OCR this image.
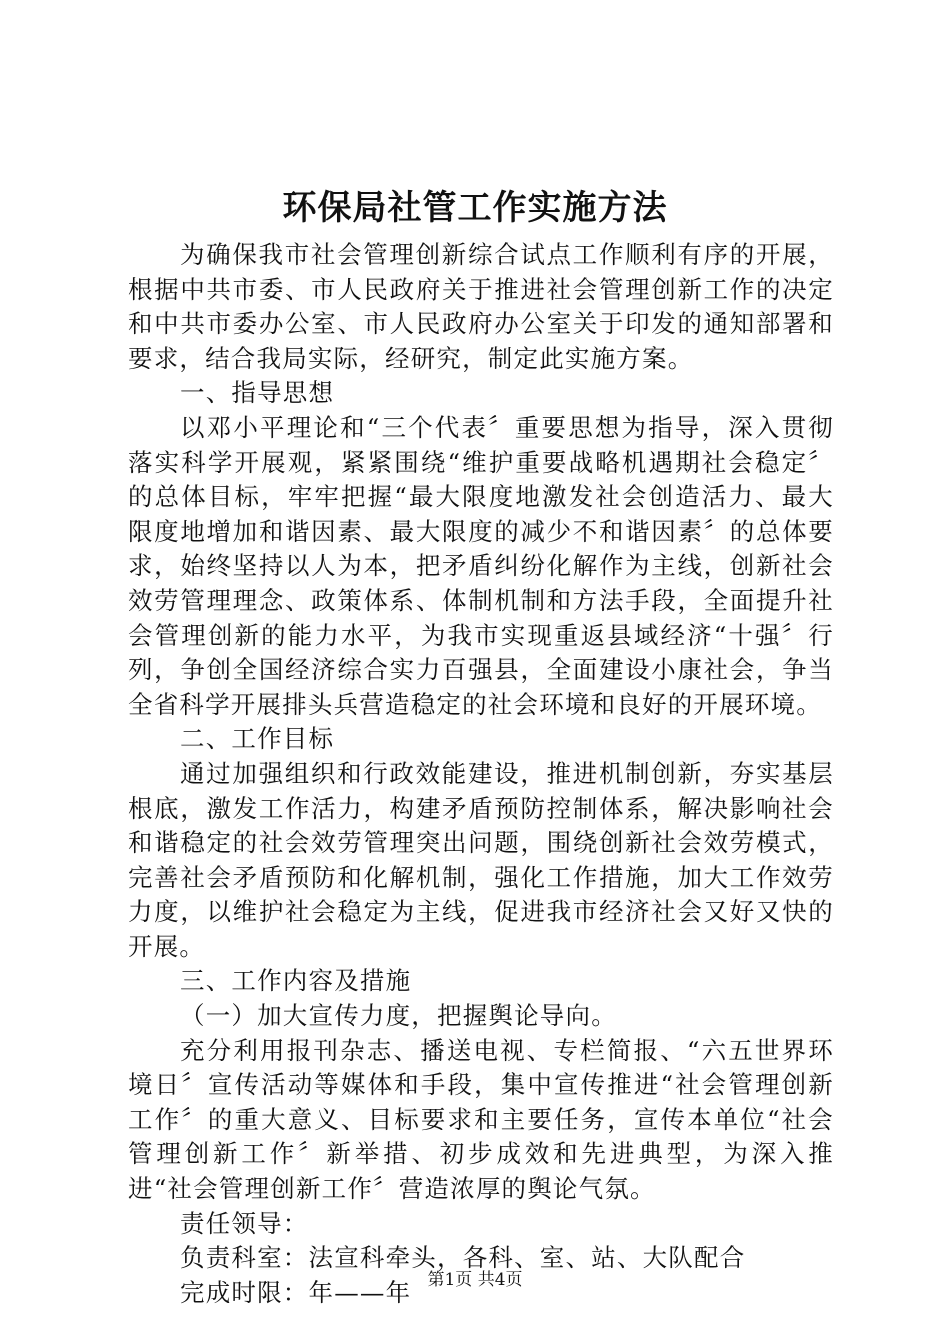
环保局社管工作实施方法

为确保我市社会管理创新综合试点工作顺利有序的开展，根据中共市委、市人民政府关于推进社会管理创新工作的决定和中共市委办公室、市人民政府办公室关于印发的通知部署和要求，结合我局实际，经研究，制定此实施方案。

一、指导思想

以邓小平理论和“三个代表〞重要思想为指导，深入贯彻落实科学开展观，紧紧围绕“维护重要战略机遇期社会稳定〞的总体目标，牢牢把握“最大限度地激发社会创造活力、最大限度地增加和谐因素、最大限度的减少不和谐因素〞的总体要求，始终坚持以人为本，把矛盾纠纷化解作为主线，创新社会效劳管理理念、政策体系、体制机制和方法手段，全面提升社会管理创新的能力水平，为我市实现重返县域经济“十强〞行列，争创全国经济综合实力百强县，全面建设小康社会，争当全省科学开展排头兵营造稳定的社会环境和良好的开展环境。

二、工作目标

通过加强组织和行政效能建设，推进机制创新，夯实基层根底，激发工作活力，构建矛盾预防控制体系，解决影响社会和谐稳定的社会效劳管理突出问题，围绕创新社会效劳模式，完善社会矛盾预防和化解机制，强化工作措施，加大工作效劳力度，以维护社会稳定为主线，促进我市经济社会又好又快的开展。

三、工作内容及措施

（一）加大宣传力度，把握舆论导向。

充分利用报刊杂志、播送电视、专栏简报、“六五世界环境日〞宣传活动等媒体和手段，集中宣传推进“社会管理创新工作〞的重大意义、目标要求和主要任务，宣传本单位“社会管理创新工作〞新举措、初步成效和先进典型，为深入推进“社会管理创新工作〞营造浓厚的舆论气氛。

责任领导：

负责科室：法宣科牵头，各科、室、站、大队配合

完成时限：年——年 第1页 共4页
